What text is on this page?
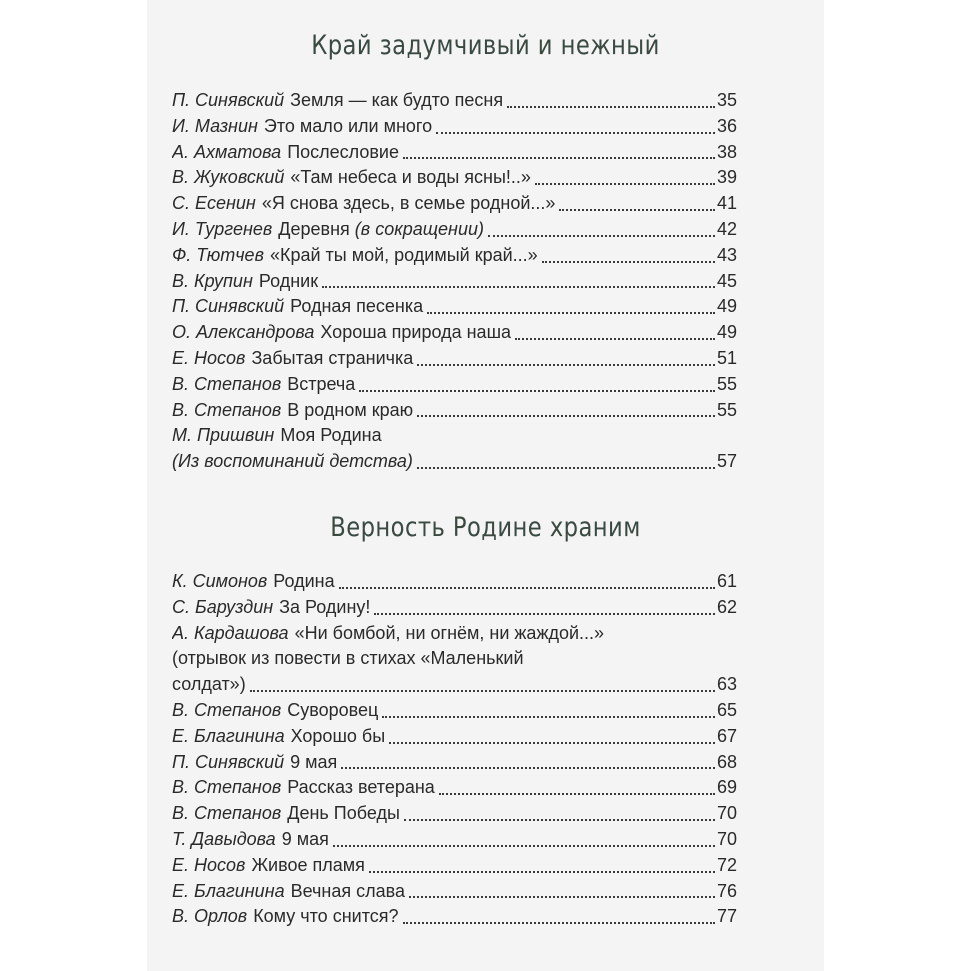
Край задумчивый и нежный
П. Синявский Земля — как будто песня	35
И. Мазнин Это мало или много	36
А. Ахматова Послесловие	38
В. Жуковский «Там небеса и воды ясны!..»	39
С. Есенин «Я снова здесь, в семье родной...»	41
И. Тургенев Деревня
(в сокращении)	42
Ф. Тютчев «Край ты мой, родимый край...»	43
В. Крупин Родник	45
П. Синявский Родная песенка	49
О. Александрова Хороша природа наша	49
Е. Носов Забытая страничка	51
В. Степанов Встреча	55
В. Степанов В родном краю	55
М. Пришвин Моя Родина
(Из воспоминаний детства)	57
Верность Родине храним
К. Симонов Родина	61
С. Баруздин За Родину!	62
А. Кардашова «Ни бомбой, ни огнём, ни жаждой...»
(отрывок из повести в стихах «Маленький
солдат»)	63
В. Степанов Суворовец	65
Е. Благинина Хорошо бы	67
П. Синявский 9 мая	68
В. Степанов Рассказ ветерана	69
В. Степанов День Победы	70
Т. Давыдова 9 мая	70
Е. Носов Живое пламя	72
Е. Благинина Вечная слава	76
В. Орлов Кому что снится?	77
